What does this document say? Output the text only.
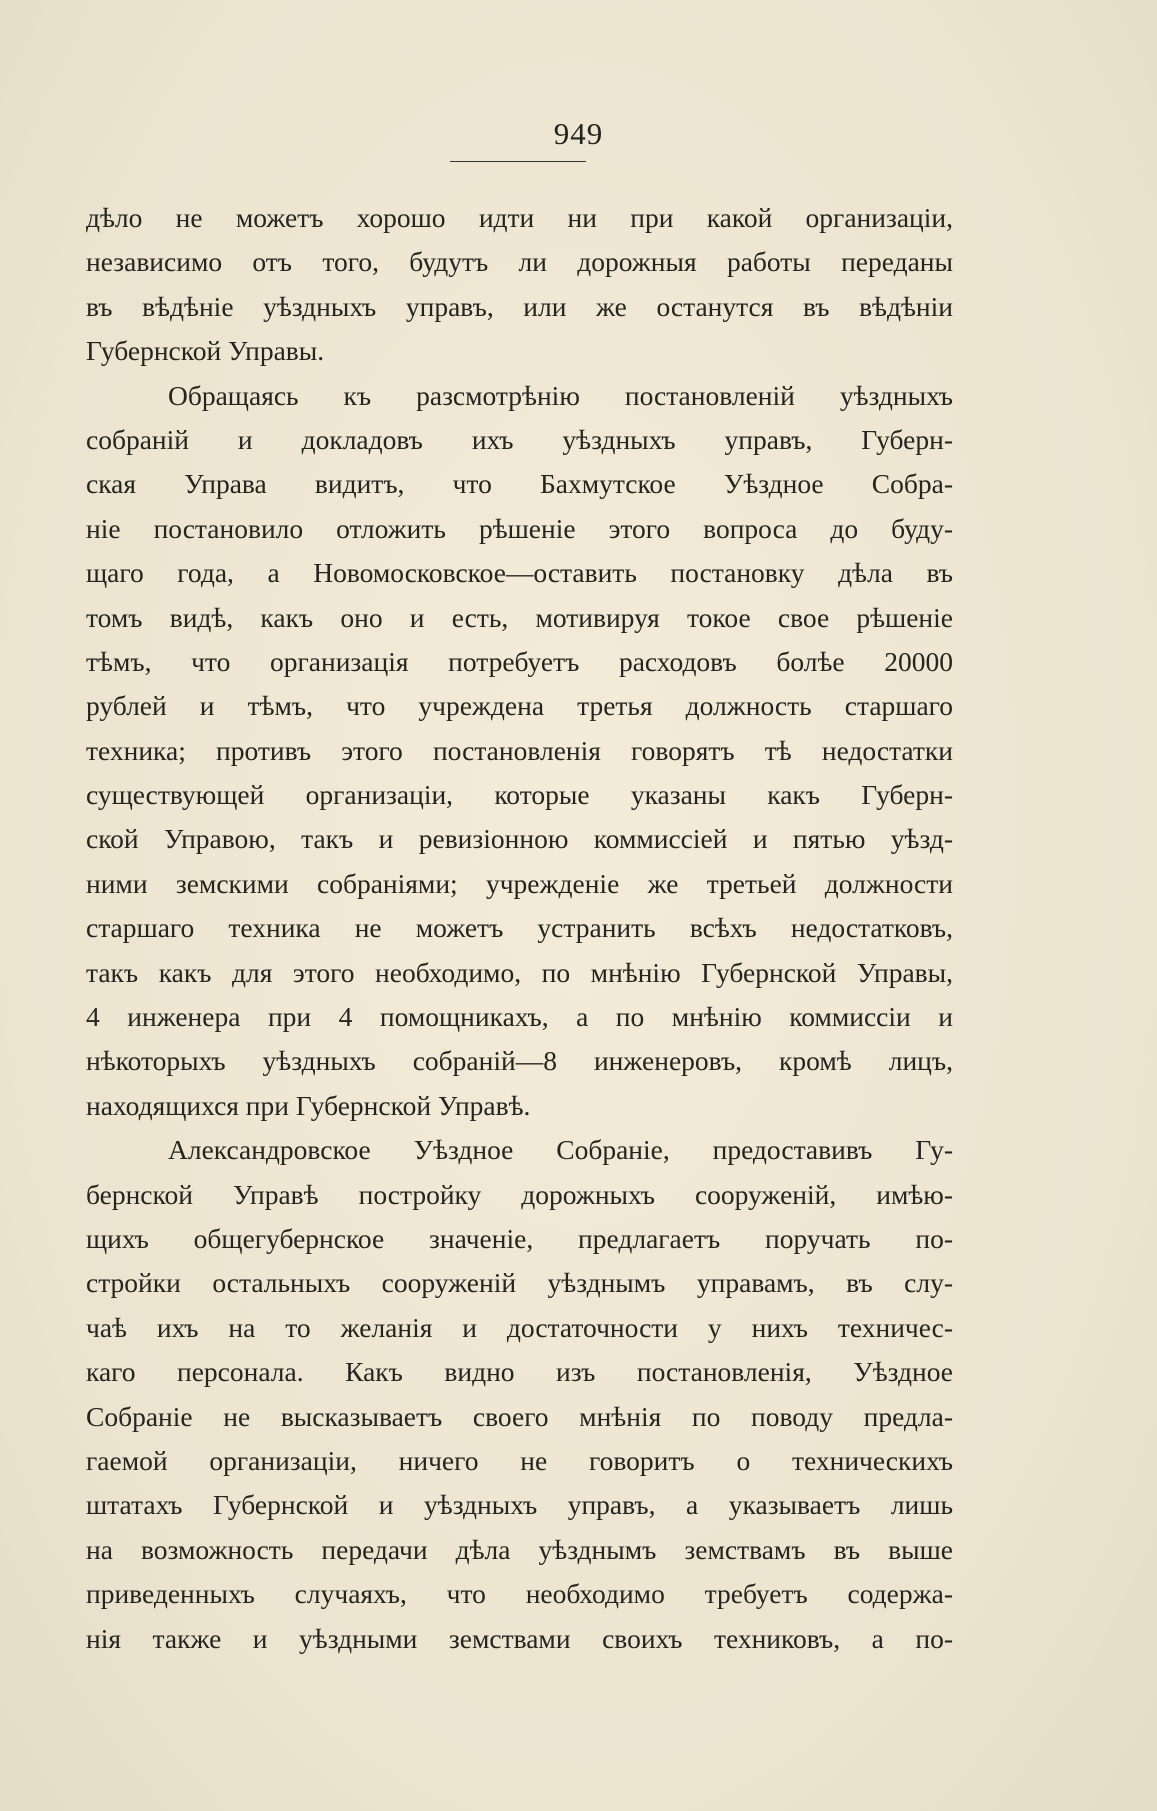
949
дѣло не можетъ хорошо идти ни при какой организаціи,
независимо отъ того, будутъ ли дорожныя работы переданы
въ вѣдѣніе уѣздныхъ управъ, или же останутся въ вѣдѣніи
Губернской Управы.
Обращаясь къ разсмотрѣнію постановленій уѣздныхъ
собраній и докладовъ ихъ уѣздныхъ управъ, Губерн-
ская Управа видитъ, что Бахмутское Уѣздное Собра-
ніе постановило отложить рѣшеніе этого вопроса до буду-
щаго года, а Новомосковское—оставить постановку дѣла въ
томъ видѣ, какъ оно и есть, мотивируя токое свое рѣшеніе
тѣмъ, что организація потребуетъ расходовъ болѣе 20000
рублей и тѣмъ, что учреждена третья должность старшаго
техника; противъ этого постановленія говорятъ тѣ недостатки
существующей организаціи, которые указаны какъ Губерн-
ской Управою, такъ и ревизіонною коммиссіей и пятью уѣзд-
ними земскими собраніями; учрежденіе же третьей должности
старшаго техника не можетъ устранить всѣхъ недостатковъ,
такъ какъ для этого необходимо, по мнѣнію Губернской Управы,
4 инженера при 4 помощникахъ, а по мнѣнію коммиссіи и
нѣкоторыхъ уѣздныхъ собраній—8 инженеровъ, кромѣ лицъ,
находящихся при Губернской Управѣ.
Александровское Уѣздное Собраніе, предоставивъ Гу-
бернской Управѣ постройку дорожныхъ сооруженій, имѣю-
щихъ общегубернское значеніе, предлагаетъ поручать по-
стройки остальныхъ сооруженій уѣзднымъ управамъ, въ слу-
чаѣ ихъ на то желанія и достаточности у нихъ техничес-
каго персонала. Какъ видно изъ постановленія, Уѣздное
Собраніе не высказываетъ своего мнѣнія по поводу предла-
гаемой организаціи, ничего не говоритъ о техническихъ
штатахъ Губернской и уѣздныхъ управъ, а указываетъ лишь
на возможность передачи дѣла уѣзднымъ земствамъ въ выше
приведенныхъ случаяхъ, что необходимо требуетъ содержа-
нія также и уѣздными земствами своихъ техниковъ, а по-
